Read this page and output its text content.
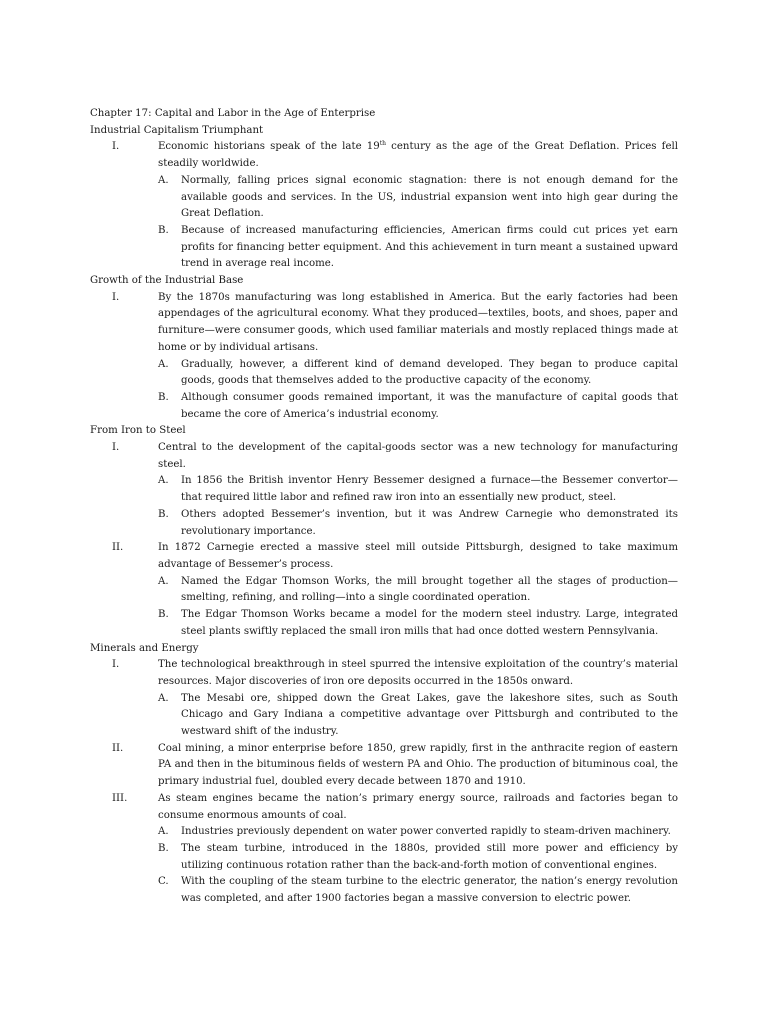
Chapter 17: Capital and Labor in the Age of Enterprise
Industrial Capitalism Triumphant
I.	Economic historians speak of the late 19th century as the age of the Great Deflation. Prices fell steadily worldwide.
A.	Normally, falling prices signal economic stagnation: there is not enough demand for the available goods and services. In the US, industrial expansion went into high gear during the Great Deflation.
B.	Because of increased manufacturing efficiencies, American firms could cut prices yet earn profits for financing better equipment. And this achievement in turn meant a sustained upward trend in average real income.
Growth of the Industrial Base
I.	By the 1870s manufacturing was long established in America. But the early factories had been appendages of the agricultural economy. What they produced—textiles, boots, and shoes, paper and furniture—were consumer goods, which used familiar materials and mostly replaced things made at home or by individual artisans.
A.	Gradually, however, a different kind of demand developed. They began to produce capital goods, goods that themselves added to the productive capacity of the economy.
B.	Although consumer goods remained important, it was the manufacture of capital goods that became the core of America’s industrial economy.
From Iron to Steel
I.	Central to the development of the capital-goods sector was a new technology for manufacturing steel.
A.	In 1856 the British inventor Henry Bessemer designed a furnace—the Bessemer convertor—that required little labor and refined raw iron into an essentially new product, steel.
B.	Others adopted Bessemer’s invention, but it was Andrew Carnegie who demonstrated its revolutionary importance.
II.	In 1872 Carnegie erected a massive steel mill outside Pittsburgh, designed to take maximum advantage of Bessemer’s process.
A.	Named the Edgar Thomson Works, the mill brought together all the stages of production—smelting, refining, and rolling—into a single coordinated operation.
B.	The Edgar Thomson Works became a model for the modern steel industry. Large, integrated steel plants swiftly replaced the small iron mills that had once dotted western Pennsylvania.
Minerals and Energy
I.	The technological breakthrough in steel spurred the intensive exploitation of the country’s material resources. Major discoveries of iron ore deposits occurred in the 1850s onward.
A.	The Mesabi ore, shipped down the Great Lakes, gave the lakeshore sites, such as South Chicago and Gary Indiana a competitive advantage over Pittsburgh and contributed to the westward shift of the industry.
II.	Coal mining, a minor enterprise before 1850, grew rapidly, first in the anthracite region of eastern PA and then in the bituminous fields of western PA and Ohio. The production of bituminous coal, the primary industrial fuel, doubled every decade between 1870 and 1910.
III.	As steam engines became the nation’s primary energy source, railroads and factories began to consume enormous amounts of coal.
A.	Industries previously dependent on water power converted rapidly to steam-driven machinery.
B.	The steam turbine, introduced in the 1880s, provided still more power and efficiency by utilizing continuous rotation rather than the back-and-forth motion of conventional engines.
C.	With the coupling of the steam turbine to the electric generator, the nation’s energy revolution was completed, and after 1900 factories began a massive conversion to electric power.
